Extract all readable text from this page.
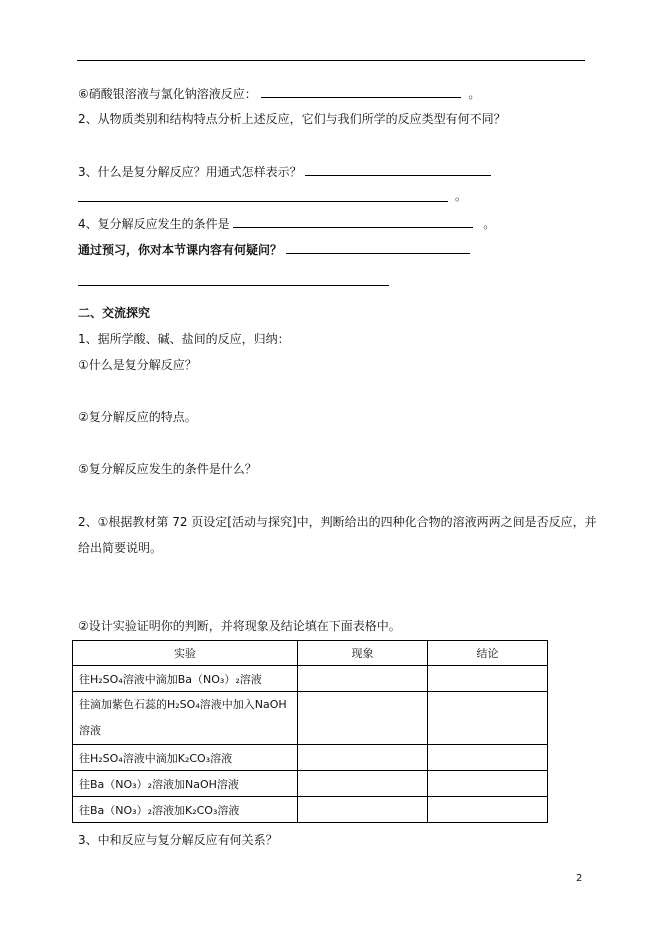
⑥硝酸银溶液与氯化钠溶液反应：	。
2、从物质类别和结构特点分析上述反应，它们与我们所学的反应类型有何不同？
3、什么是复分解反应？用通式怎样表示？
。
4、复分解反应发生的条件是	。
通过预习，你对本节课内容有何疑问？
二、交流探究
1、据所学酸、碱、盐间的反应，归纳：
①什么是复分解反应？
②复分解反应的特点。
⑤复分解反应发生的条件是什么？
2、①根据教材第 72 页设定[活动与探究]中，判断给出的四种化合物的溶液两两之间是否反应，并
给出简要说明。
②设计实验证明你的判断，并将现象及结论填在下面表格中。
实验	现象	结论
往H₂SO₄溶液中滴加Ba（NO₃）₂溶液		
往滴加紫色石蕊的H₂SO₄溶液中加入NaOH溶液		
往H₂SO₄溶液中滴加K₂CO₃溶液		
往Ba（NO₃）₂溶液加NaOH溶液		
往Ba（NO₃）₂溶液加K₂CO₃溶液		
3、中和反应与复分解反应有何关系？
2
